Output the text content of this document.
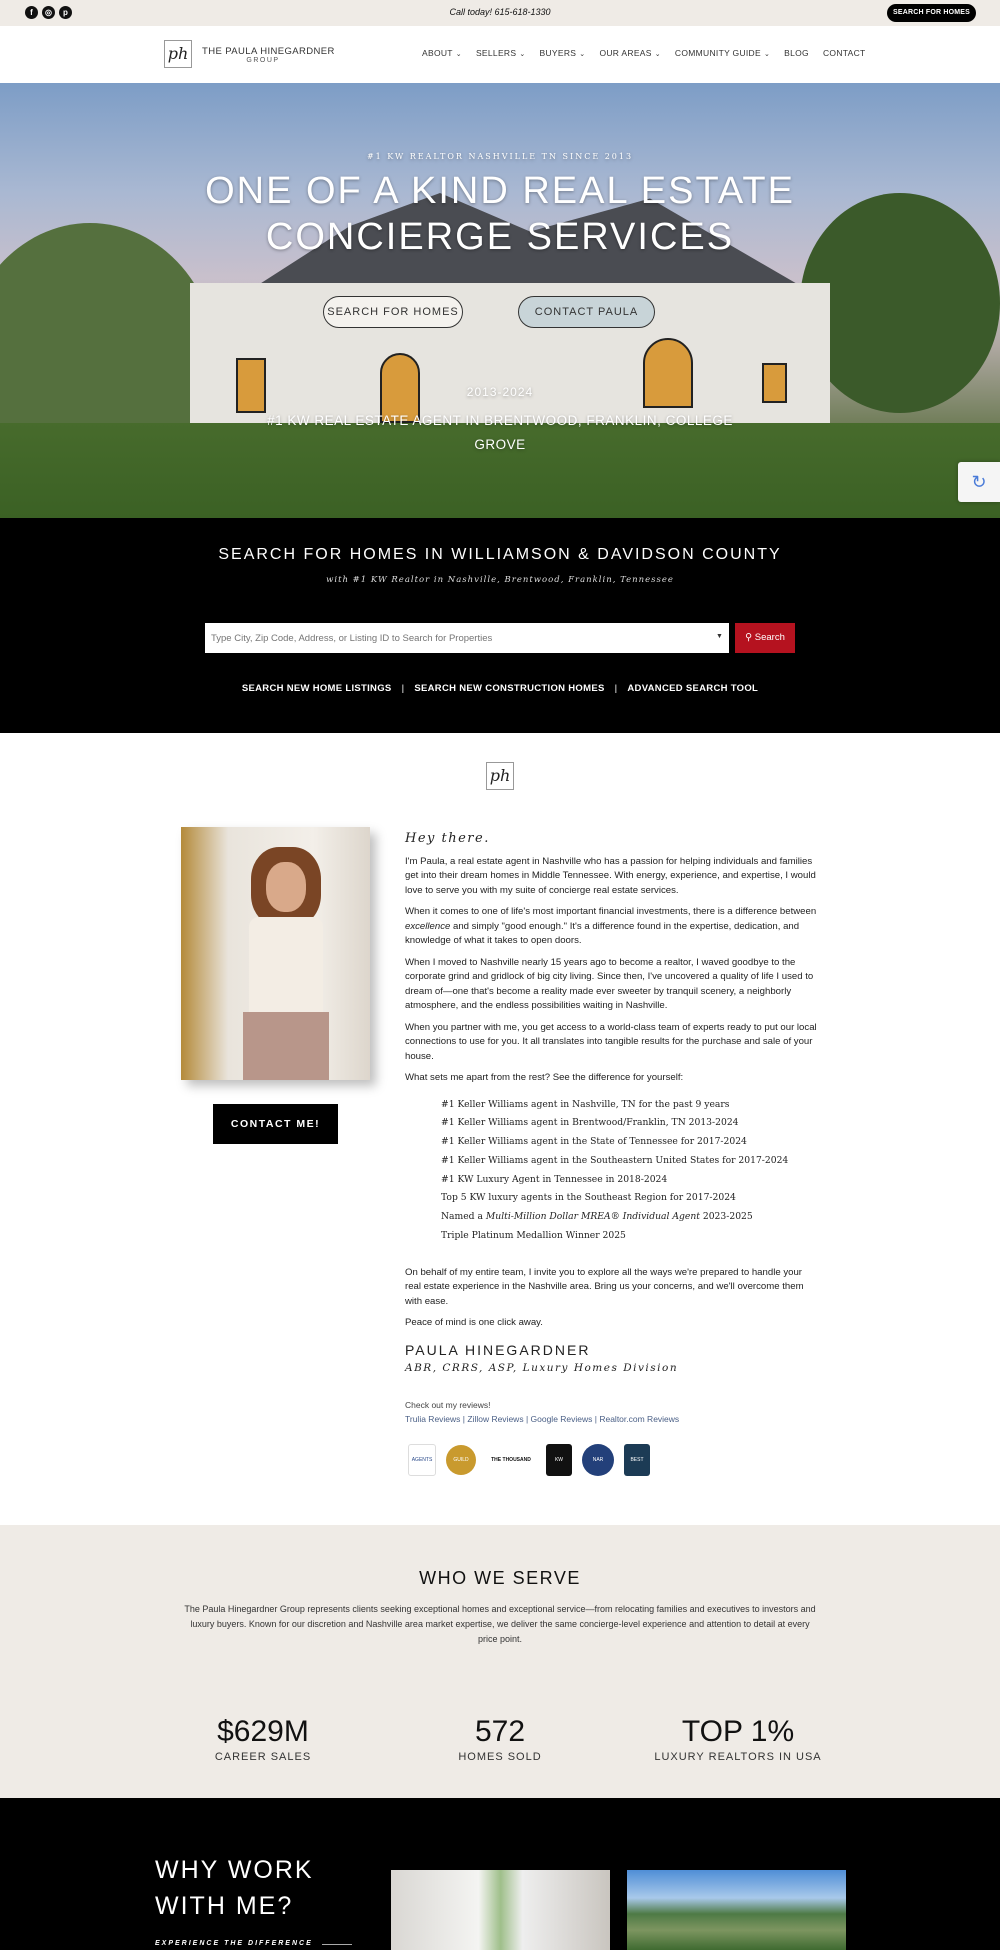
f	◎	p	Call today! 615-618-1330	SEARCH FOR HOMES
ph	THE PAULA HINEGARDNER
GROUP
ABOUT ⌄ SELLERS ⌄ BUYERS ⌄ OUR AREAS ⌄ COMMUNITY GUIDE ⌄ BLOG CONTACT
#1 KW REALTOR NASHVILLE TN SINCE 2013
ONE OF A KIND REAL ESTATE CONCIERGE SERVICES
SEARCH FOR HOMES	CONTACT PAULA
2013-2024
#1 KW REAL ESTATE AGENT IN BRENTWOOD, FRANKLIN, COLLEGE GROVE
↻
SEARCH FOR HOMES IN WILLIAMSON & DAVIDSON COUNTY
with #1 KW Realtor in Nashville, Brentwood, Franklin, Tennessee
Type City, Zip Code, Address, or Listing ID to Search for Properties
▼	⚲ Search
SEARCH NEW HOME LISTINGS | SEARCH NEW CONSTRUCTION HOMES | ADVANCED SEARCH TOOL
ph
CONTACT ME!
Hey there.

I'm Paula, a real estate agent in Nashville who has a passion for helping individuals and families get into their dream homes in Middle Tennessee. With energy, experience, and expertise, I would love to serve you with my suite of concierge real estate services.

When it comes to one of life's most important financial investments, there is a difference between excellence and simply "good enough." It's a difference found in the expertise, dedication, and knowledge of what it takes to open doors.

When I moved to Nashville nearly 15 years ago to become a realtor, I waved goodbye to the corporate grind and gridlock of big city living. Since then, I've uncovered a quality of life I used to dream of—one that's become a reality made ever sweeter by tranquil scenery, a neighborly atmosphere, and the endless possibilities waiting in Nashville.

When you partner with me, you get access to a world-class team of experts ready to put our local connections to use for you. It all translates into tangible results for the purchase and sale of your house.

What sets me apart from the rest? See the difference for yourself:

#1 Keller Williams agent in Nashville, TN for the past 9 years
#1 Keller Williams agent in Brentwood/Franklin, TN 2013-2024
#1 Keller Williams agent in the State of Tennessee for 2017-2024
#1 Keller Williams agent in the Southeastern United States for 2017-2024
#1 KW Luxury Agent in Tennessee in 2018-2024
Top 5 KW luxury agents in the Southeast Region for 2017-2024
Named a Multi-Million Dollar MREA® Individual Agent 2023-2025
Triple Platinum Medallion Winner 2025

On behalf of my entire team, I invite you to explore all the ways we're prepared to handle your real estate experience in the Nashville area. Bring us your concerns, and we'll overcome them with ease.

Peace of mind is one click away.

PAULA HINEGARDNER
ABR, CRRS, ASP, Luxury Homes Division
Check out my reviews!
Trulia Reviews | Zillow Reviews | Google Reviews | Realtor.com Reviews
AGENTS	GUILD	THE THOUSAND	KW	NAR	BEST
WHO WE SERVE
The Paula Hinegardner Group represents clients seeking exceptional homes and exceptional service—from relocating families and executives to investors and luxury buyers. Known for our discretion and Nashville area market expertise, we deliver the same concierge-level experience and attention to detail at every price point.
$629M
CAREER SALES
572
HOMES SOLD
TOP 1%
LUXURY REALTORS IN USA
WHY WORK
WITH ME?
EXPERIENCE THE DIFFERENCE
